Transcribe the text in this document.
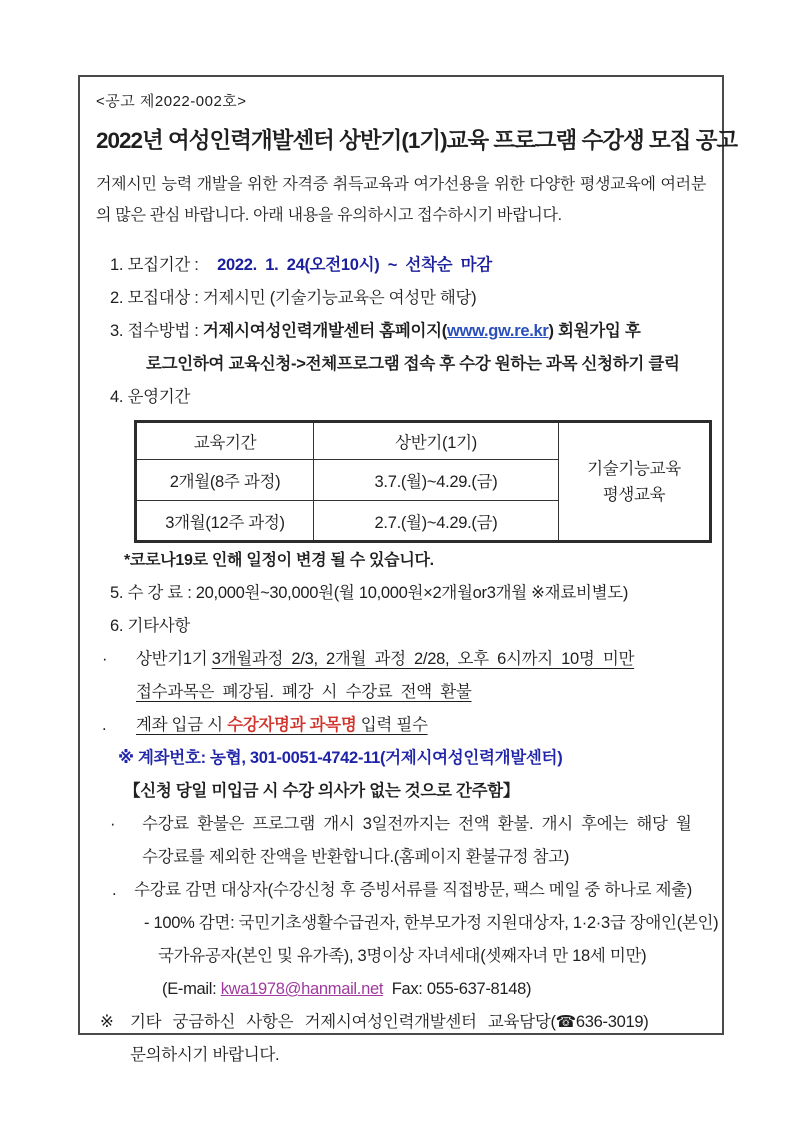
<공고 제2022-002호>
2022년 여성인력개발센터 상반기(1기)교육 프로그램 수강생 모집 공고
거제시민 능력 개발을 위한 자격증 취득교육과 여가선용을 위한 다양한 평생교육에 여러분의 많은 관심 바랍니다. 아래 내용을 유의하시고 접수하시기 바랍니다.
1. 모집기간 : 2022. 1. 24(오전10시) ~ 선착순 마감
2. 모집대상 : 거제시민 (기술기능교육은 여성만 해당)
3. 접수방법 : 거제시여성인력개발센터 홈페이지(www.gw.re.kr) 회원가입 후
로그인하여 교육신청->전체프로그램 접속 후 수강 원하는 과목 신청하기 클릭
4. 운영기간
교육기간	상반기(1기)	기술기능교육
평생교육

2개월(8주 과정)	3.7.(월)~4.29.(금)	
3개월(12주 과정)	2.7.(월)~4.29.(금)	
*코로나19로 인해 일정이 변경 될 수 있습니다.
5. 수 강 료 : 20,000원~30,000원(월 10,000원×2개월or3개월 ※재료비별도)
6. 기타사항
· 상반기1기 3개월과정 2/3, 2개월 과정 2/28, 오후 6시까지 10명 미만
접수과목은 폐강됨. 폐강 시 수강료 전액 환불
. 계좌 입금 시 수강자명과 과목명 입력 필수
※ 계좌번호: 농협, 301-0051-4742-11(거제시여성인력개발센터)
【신청 당일 미입금 시 수강 의사가 없는 것으로 간주함】
· 수강료 환불은 프로그램 개시 3일전까지는 전액 환불. 개시 후에는 해당 월
수강료를 제외한 잔액을 반환합니다.(홈페이지 환불규정 참고)
. 수강료 감면 대상자(수강신청 후 증빙서류를 직접방문, 팩스 메일 중 하나로 제출)
- 100% 감면: 국민기초생활수급권자, 한부모가정 지원대상자, 1·2·3급 장애인(본인)
국가유공자(본인 및 유가족), 3명이상 자녀세대(셋째자녀 만 18세 미만)
(E-mail: kwa1978@hanmail.net  Fax: 055-637-8148)
※ 기타 궁금하신 사항은 거제시여성인력개발센터 교육담당(☎636-3019)
문의하시기 바랍니다.
